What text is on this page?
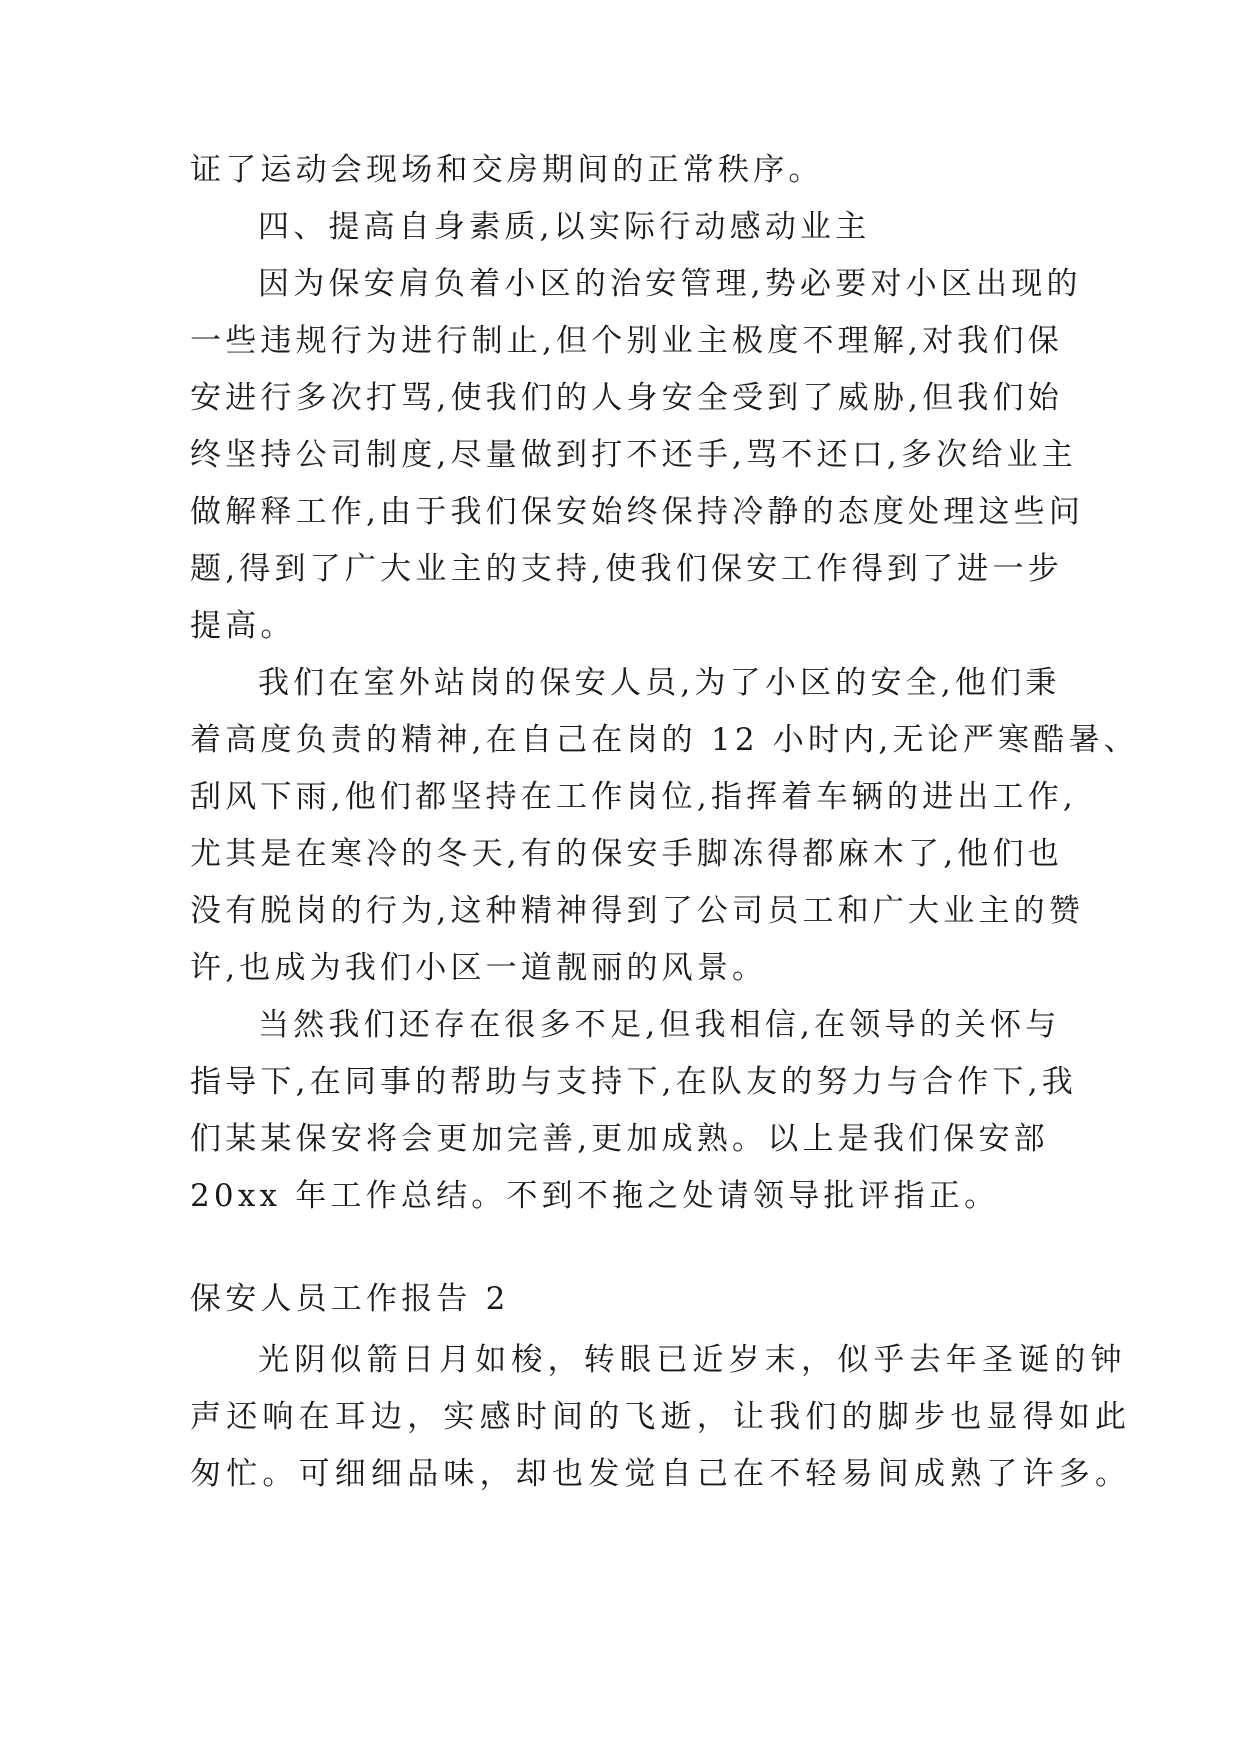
证了运动会现场和交房期间的正常秩序。
四、提高自身素质,以实际行动感动业主
因为保安肩负着小区的治安管理,势必要对小区出现的
一些违规行为进行制止,但个别业主极度不理解,对我们保
安进行多次打骂,使我们的人身安全受到了威胁,但我们始
终坚持公司制度,尽量做到打不还手,骂不还口,多次给业主
做解释工作,由于我们保安始终保持冷静的态度处理这些问
题,得到了广大业主的支持,使我们保安工作得到了进一步
提高。
我们在室外站岗的保安人员,为了小区的安全,他们秉
着高度负责的精神,在自己在岗的 12 小时内,无论严寒酷暑、
刮风下雨,他们都坚持在工作岗位,指挥着车辆的进出工作,
尤其是在寒冷的冬天,有的保安手脚冻得都麻木了,他们也
没有脱岗的行为,这种精神得到了公司员工和广大业主的赞
许,也成为我们小区一道靓丽的风景。
当然我们还存在很多不足,但我相信,在领导的关怀与
指导下,在同事的帮助与支持下,在队友的努力与合作下,我
们某某保安将会更加完善,更加成熟。以上是我们保安部
20xx 年工作总结。不到不拖之处请领导批评指正。
保安人员工作报告 2
光阴似箭日月如梭，转眼已近岁末，似乎去年圣诞的钟
声还响在耳边，实感时间的飞逝，让我们的脚步也显得如此
匆忙。可细细品味，却也发觉自己在不轻易间成熟了许多。
